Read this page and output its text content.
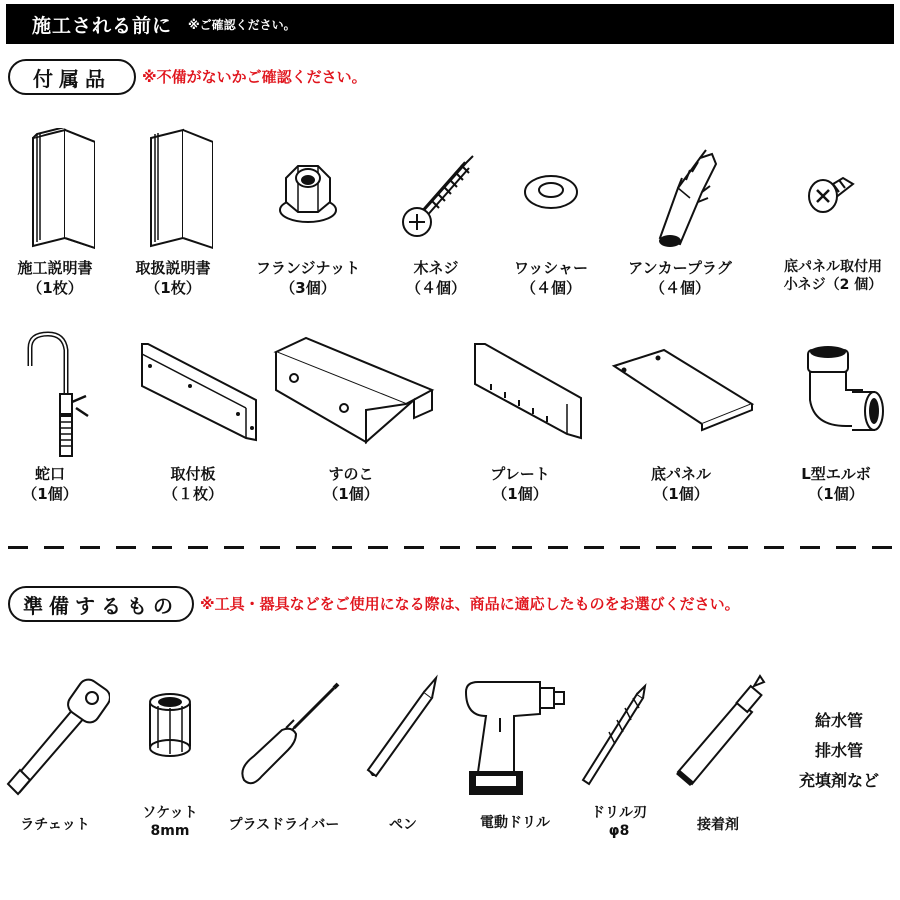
施工される前に ※ご確認ください。
付属品	※不備がないかご確認ください。
施工説明書
（1枚）
取扱説明書
（1枚）
フランジナット
（3個）
木ネジ
（４個）
ワッシャー
（４個）
アンカープラグ
（４個）
底パネル取付用
小ネジ（2 個）
蛇口
（1個）
取付板
（１枚）
すのこ
（1個）
プレート
（1個）
底パネル
（1個）
L型エルボ
（1個）
準備するもの	※工具・器具などをご使用になる際は、商品に適応したものをお選びください。
ラチェット
ソケット
8mm	プラスドライバー	ペン	電動ドリル
ドリル刃
φ8	接着剤
給水管
排水管
充填剤など
